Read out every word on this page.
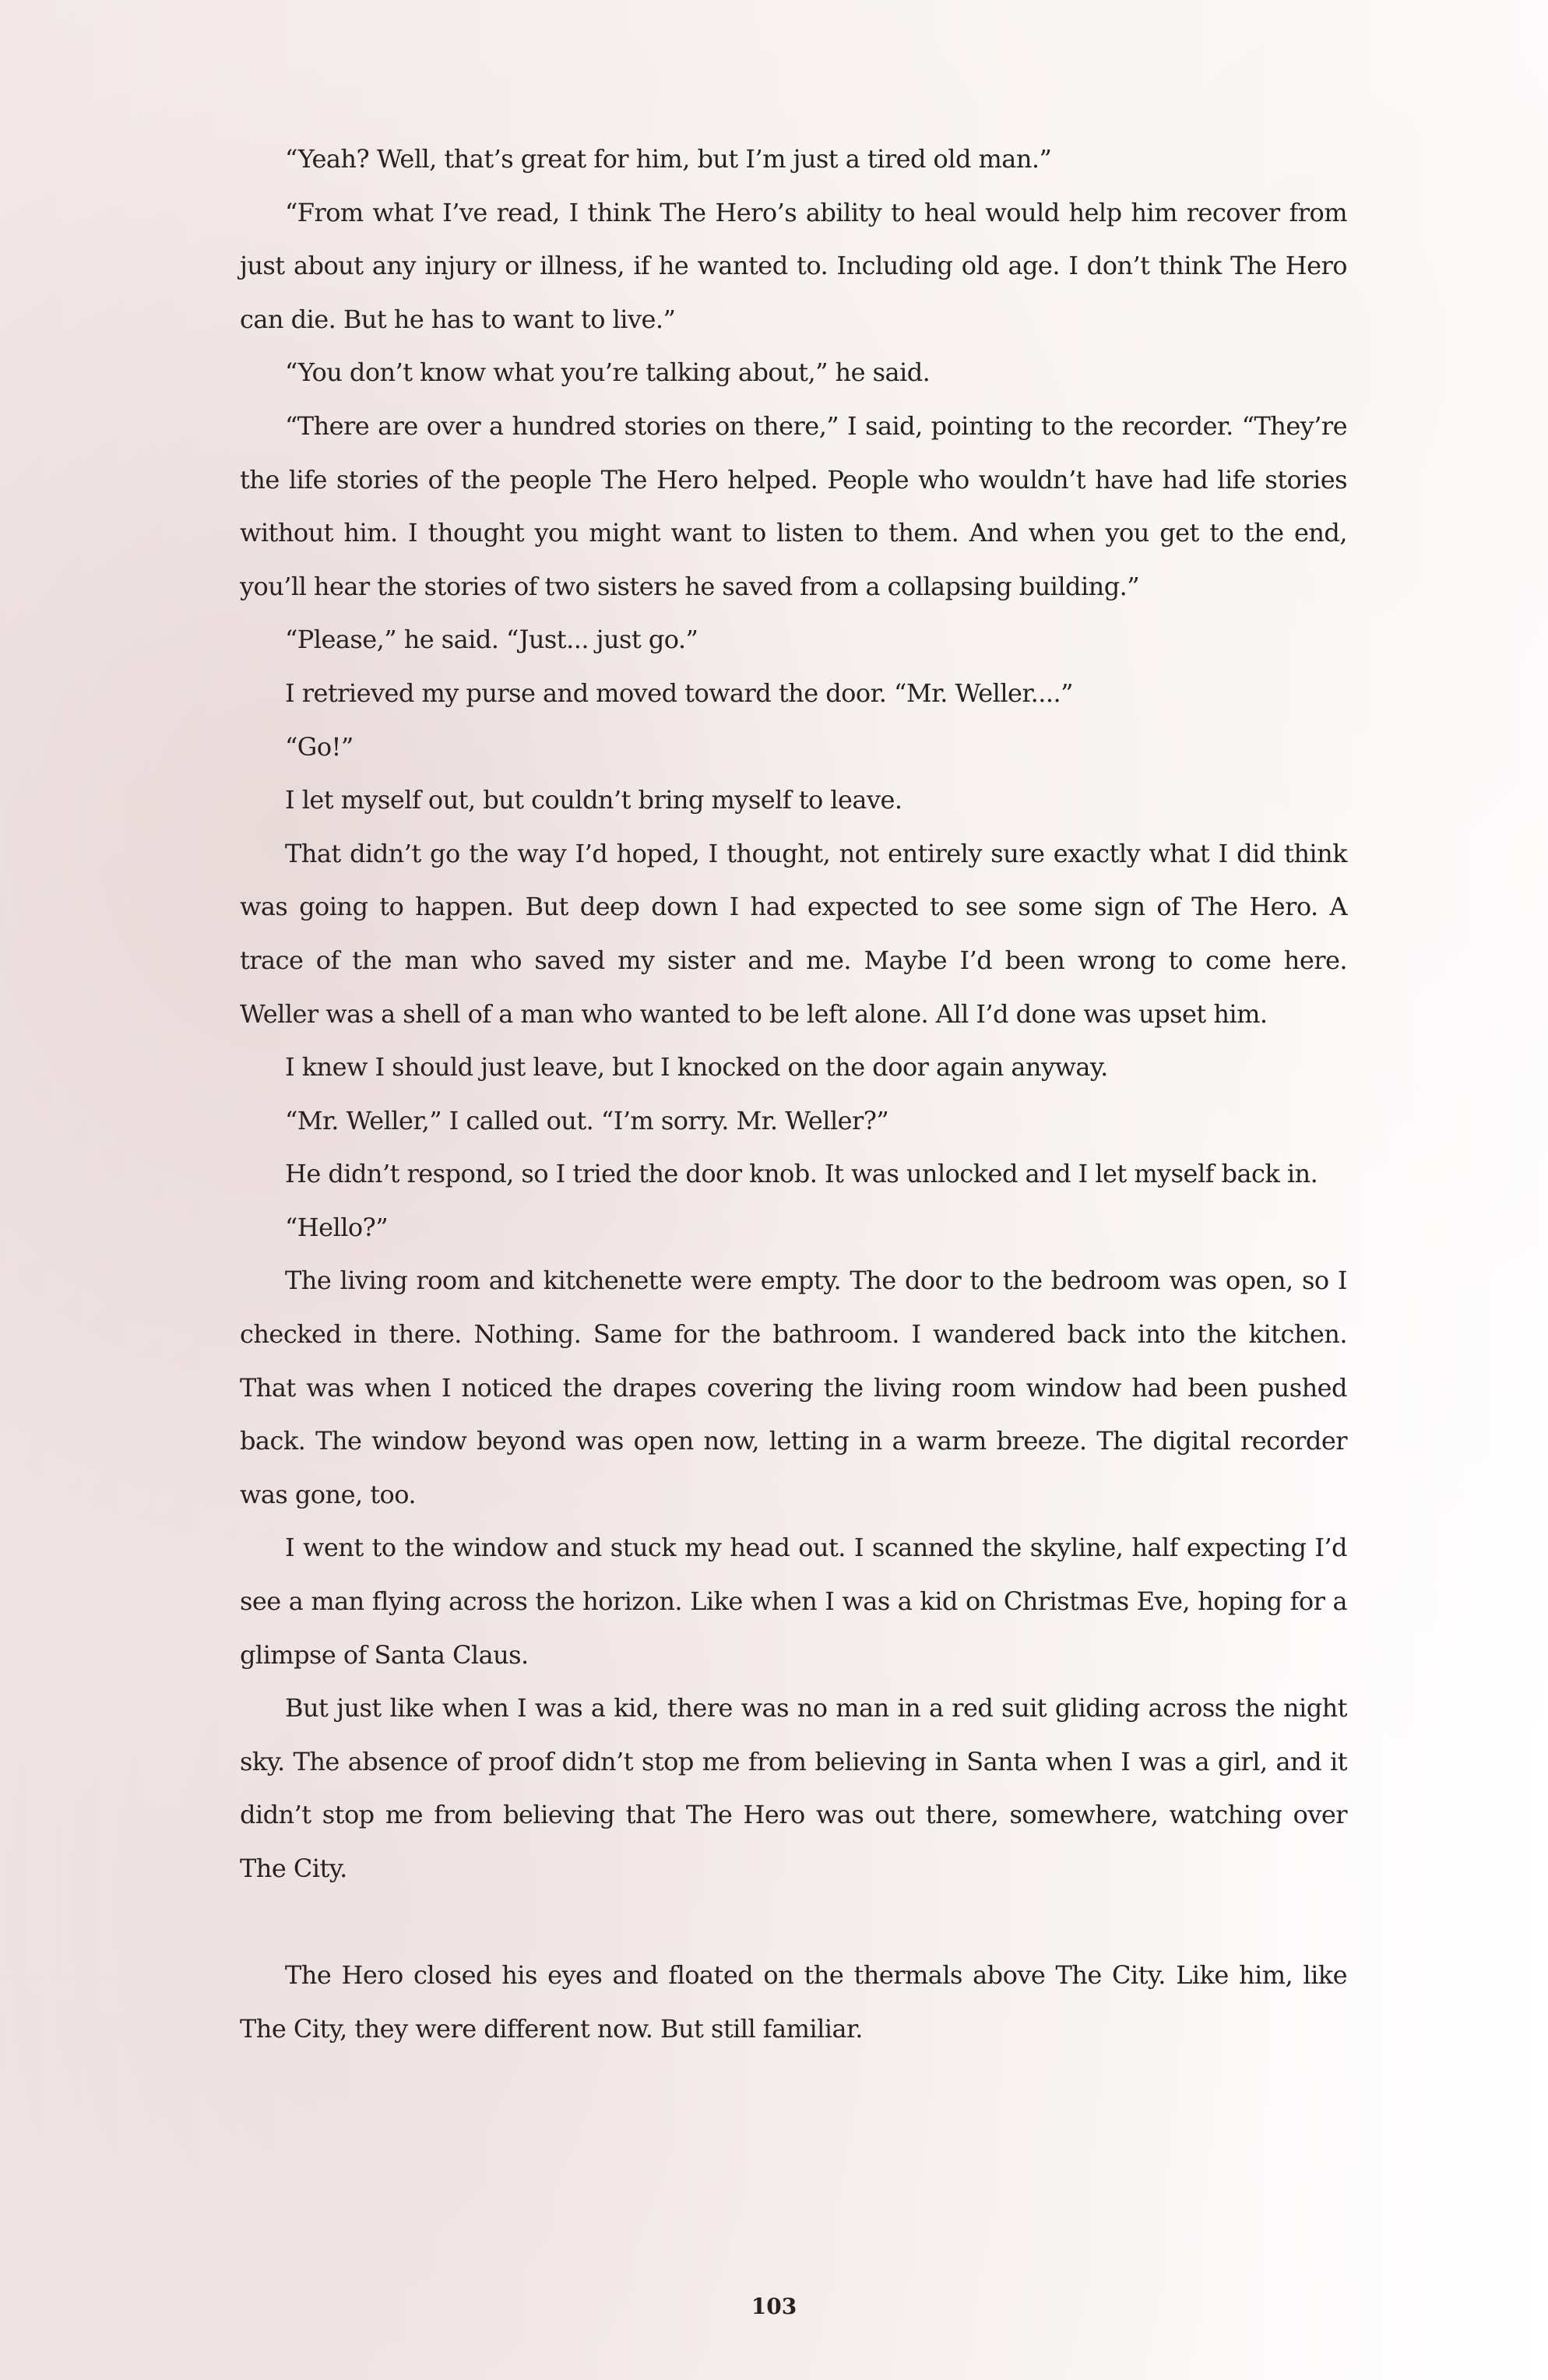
“Yeah? Well, that’s great for him, but I’m just a tired old man.”

“From what I’ve read, I think The Hero’s ability to heal would help him recover from just about any injury or illness, if he wanted to. Including old age. I don’t think The Hero can die. But he has to want to live.”

“You don’t know what you’re talking about,” he said.

“There are over a hundred stories on there,” I said, pointing to the recorder. “They’re the life stories of the people The Hero helped. People who wouldn’t have had life stories without him. I thought you might want to listen to them. And when you get to the end, you’ll hear the stories of two sisters he saved from a collapsing building.”

“Please,” he said. “Just... just go.”

I retrieved my purse and moved toward the door. “Mr. Weller....”

“Go!”

I let myself out, but couldn’t bring myself to leave.

That didn’t go the way I’d hoped, I thought, not entirely sure exactly what I did think was going to happen. But deep down I had expected to see some sign of The Hero. A trace of the man who saved my sister and me. Maybe I’d been wrong to come here. Weller was a shell of a man who wanted to be left alone. All I’d done was upset him.

I knew I should just leave, but I knocked on the door again anyway.

“Mr. Weller,” I called out. “I’m sorry. Mr. Weller?”

He didn’t respond, so I tried the door knob. It was unlocked and I let myself back in.

“Hello?”

The living room and kitchenette were empty. The door to the bedroom was open, so I checked in there. Nothing. Same for the bathroom. I wandered back into the kitchen. That was when I noticed the drapes covering the living room window had been pushed back. The window beyond was open now, letting in a warm breeze. The digital recorder was gone, too.

I went to the window and stuck my head out. I scanned the skyline, half expecting I’d see a man flying across the horizon. Like when I was a kid on Christmas Eve, hoping for a glimpse of Santa Claus.

But just like when I was a kid, there was no man in a red suit gliding across the night sky. The absence of proof didn’t stop me from believing in Santa when I was a girl, and it didn’t stop me from believing that The Hero was out there, somewhere, watching over The City.

The Hero closed his eyes and floated on the thermals above The City. Like him, like The City, they were different now. But still familiar.

103
